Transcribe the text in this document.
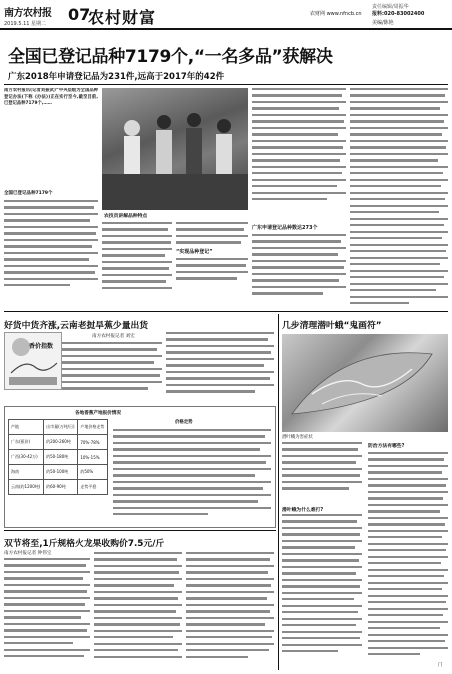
南方农村报
2019.5.11 星期二 07
农村财富
责任编辑/周振华
农财网 www.nfncb.cn 报料:020-83002400
美编/陈艳
全国已登记品种7179个,“一名多品”获解决
广东2018年申请登记品为231件,远高于2017年的42件
南方农村报讯(记者刘振武)“中央层级为全国品种登记办法(下称《办法》)正在实行至今,截至目前,已登记品种7179个,……
全国已登记品种7179个
农技员讲解品种特点
“实现品种登记”
广东申请登记品种数达273个
好货中货齐涨,云南老挝旱蕉少量出货
香价指数
南方农村报记者 刘宏
各地香蕉产地报价情况
产地	出市量(万吨/日)	产地价格走势
广东(蕉价)	约200-260吨	70%-78%
广西(30-42万)	约50-180吨	10%-15%
海南	约50-100吨	约50%
云南(约1200吨)	约60-90吨	走势平稳
价格走势
几步清理潜叶蛾“鬼画符”
潜叶蛾为害症状
潜叶蛾为什么难打?
防治方法有哪些?
门
双节将至,1斤规格火龙果收购价7.5元/斤
南方农村报记者 钟伟宝
